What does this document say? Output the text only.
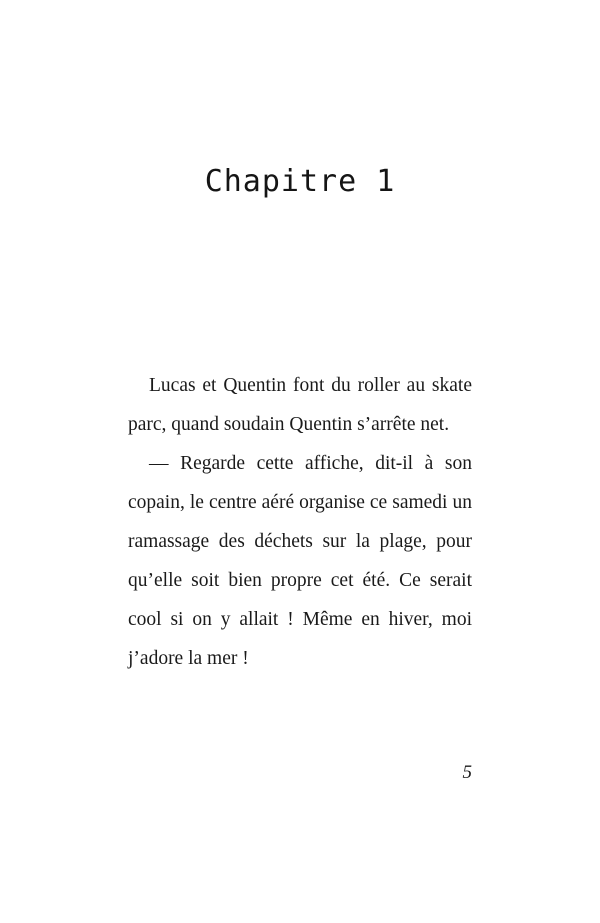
Chapitre 1

Lucas et Quentin font du roller au skate parc, quand soudain Quentin s’arrête net.

— Regarde cette affiche, dit-il à son copain, le centre aéré organise ce samedi un ramassage des déchets sur la plage, pour qu’elle soit bien propre cet été. Ce serait cool si on y allait ! Même en hiver, moi j’adore la mer !

5
